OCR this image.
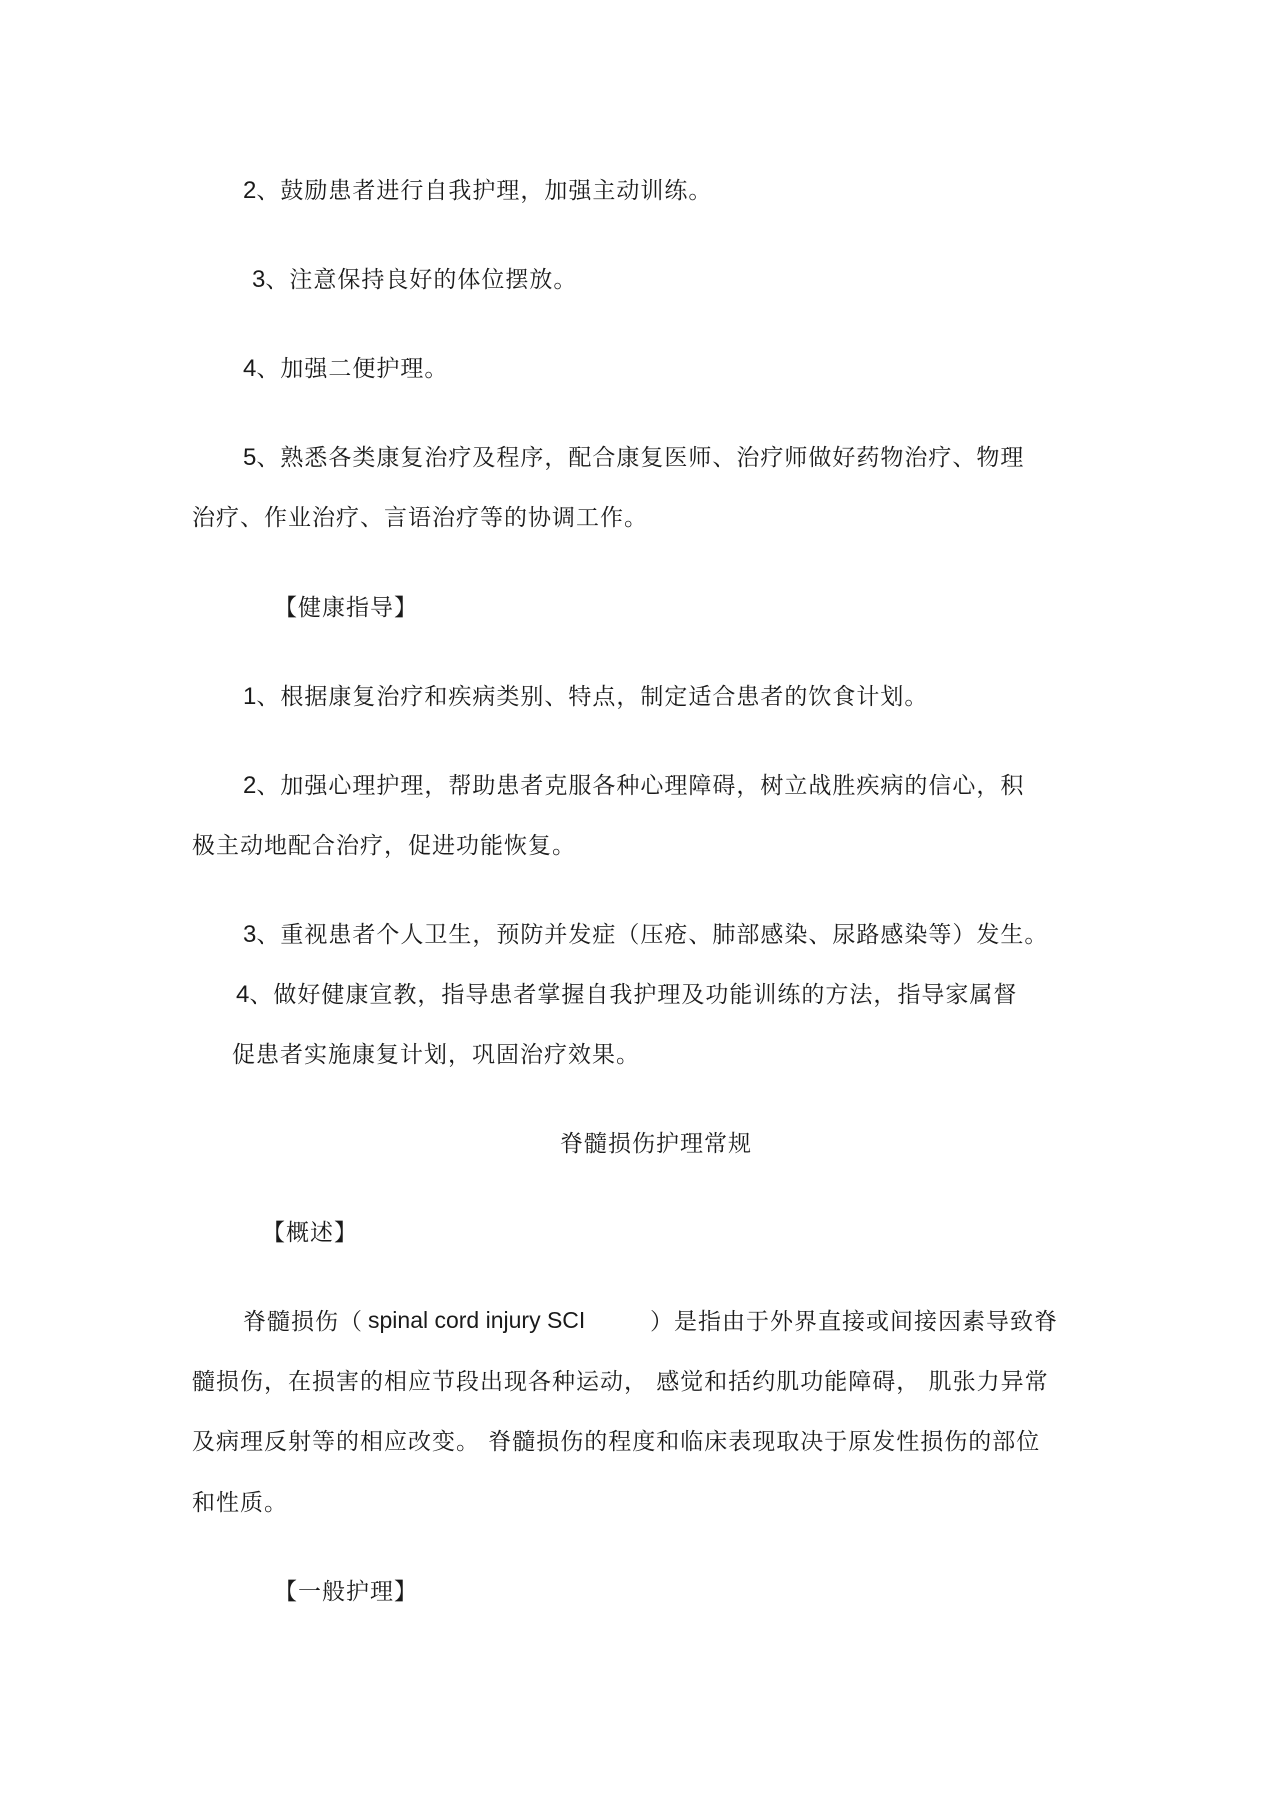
2、鼓励患者进行自我护理，加强主动训练。
3、注意保持良好的体位摆放。
4、加强二便护理。
5、熟悉各类康复治疗及程序，配合康复医师、治疗师做好药物治疗、物理
治疗、作业治疗、言语治疗等的协调工作。
【健康指导】
1、根据康复治疗和疾病类别、特点，制定适合患者的饮食计划。
2、加强心理护理，帮助患者克服各种心理障碍，树立战胜疾病的信心，积
极主动地配合治疗，促进功能恢复。
3、重视患者个人卫生，预防并发症（压疮、肺部感染、尿路感染等）发生。
4、做好健康宣教，指导患者掌握自我护理及功能训练的方法，指导家属督
促患者实施康复计划，巩固治疗效果。
脊髓损伤护理常规
【概述】
脊髓损伤（ spinal cord injury SCI	）是指由于外界直接或间接因素导致脊
髓损伤，在损害的相应节段出现各种运动， 感觉和括约肌功能障碍， 肌张力异常
及病理反射等的相应改变。 脊髓损伤的程度和临床表现取决于原发性损伤的部位
和性质。
【一般护理】
